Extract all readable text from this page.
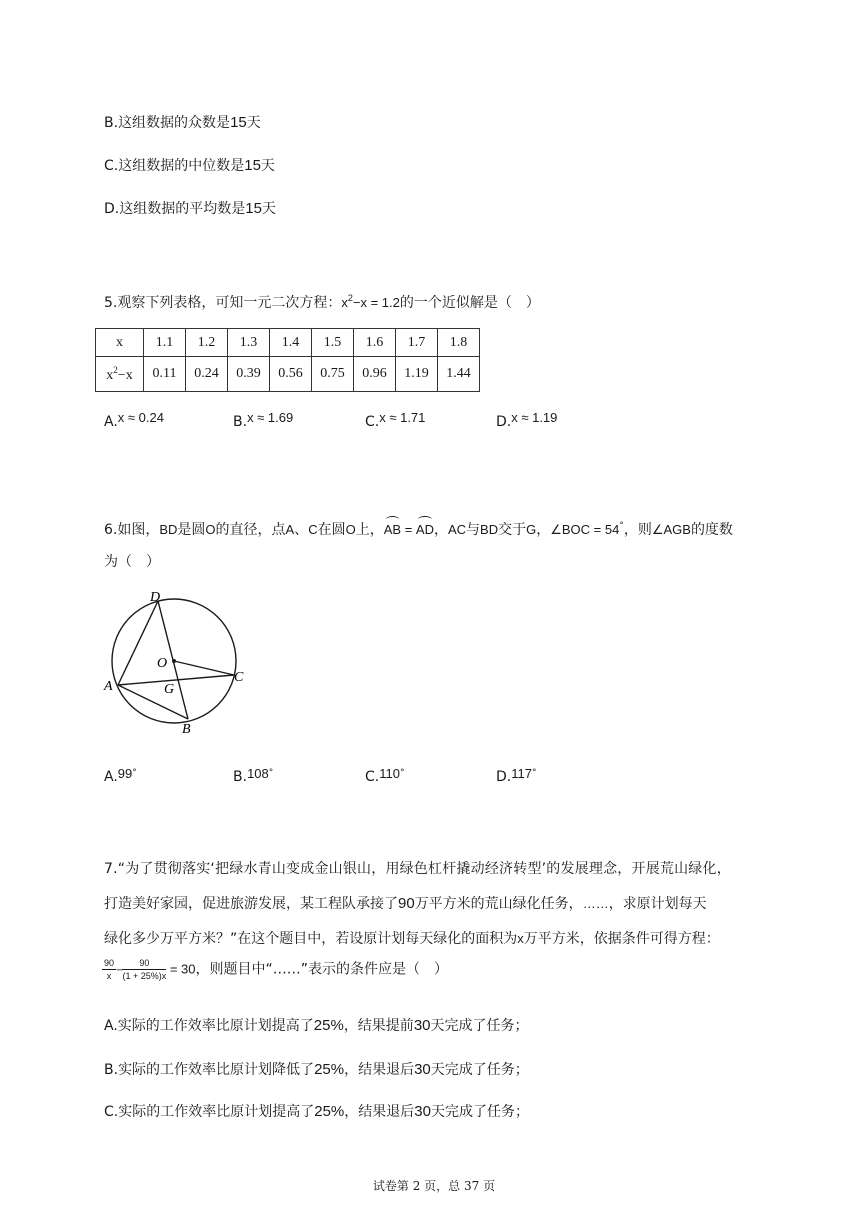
B.这组数据的众数是15天
C.这组数据的中位数是15天
D.这组数据的平均数是15天
5.观察下列表格，可知一元二次方程：$x^2-x = 1.2$的一个近似解是（　）
x	1.1	1.2	1.3	1.4	1.5	1.6	1.7	1.8
$x^2-x$	0.11	0.24	0.39	0.56	0.75	0.96	1.19	1.44
A.x ≈ 0.24	B.x ≈ 1.69	C.x ≈ 1.71	D.x ≈ 1.19
6.如图，BD是圆O的直径，点A、C在圆O上，AB = AD，AC与BD交于G，∠BOC = 54°，则∠AGB的度数
为（　）
D
O
A	G
C
B
A.99°	B.108°	C.110°	D.117°
7.“为了贯彻落实‘把绿水青山变成金山银山，用绿色杠杆撬动经济转型’的发展理念，开展荒山绿化，
打造美好家园，促进旅游发展，某工程队承接了90万平方米的荒山绿化任务，……，求原计划每天
绿化多少万平方米？”在这个题目中，若设原计划每天绿化的面积为x万平方米，依据条件可得方程：
$\frac{90}{x} - \frac{90}{(1 + 25\%)x} = 30$，则题目中“……”表示的条件应是（　）
A.实际的工作效率比原计划提高了25%，结果提前30天完成了任务；
B.实际的工作效率比原计划降低了25%，结果退后30天完成了任务；
C.实际的工作效率比原计划提高了25%，结果退后30天完成了任务；
试卷第 2 页，总 37 页
